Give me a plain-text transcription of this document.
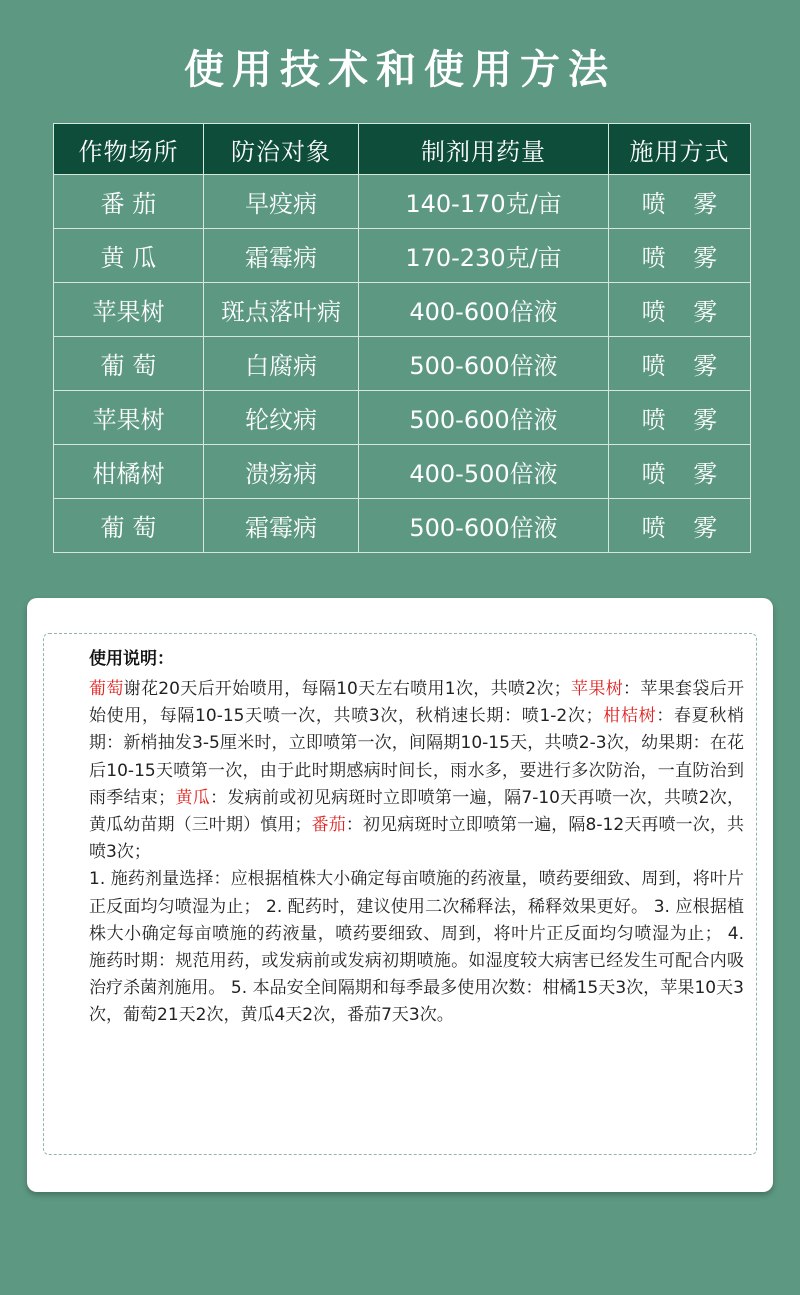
使用技术和使用方法
作物场所	防治对象	制剂用药量	施用方式
番 茄	早疫病	140-170克/亩	喷 雾
黄 瓜	霜霉病	170-230克/亩	喷 雾
苹果树	斑点落叶病	400-600倍液	喷 雾
葡 萄	白腐病	500-600倍液	喷 雾
苹果树	轮纹病	500-600倍液	喷 雾
柑橘树	溃疡病	400-500倍液	喷 雾
葡 萄	霜霉病	500-600倍液	喷 雾
使用说明：
葡萄谢花20天后开始喷用，每隔10天左右喷用1次，共喷2次；苹果树：苹果套袋后开始使用，每隔10-15天喷一次，共喷3次，秋梢速长期：喷1-2次；柑桔树：春夏秋梢期：新梢抽发3-5厘米时，立即喷第一次，间隔期10-15天，共喷2-3次，幼果期：在花后10-15天喷第一次，由于此时期感病时间长，雨水多，要进行多次防治，一直防治到雨季结束；黄瓜：发病前或初见病斑时立即喷第一遍，隔7-10天再喷一次，共喷2次，黄瓜幼苗期（三叶期）慎用；番茄：初见病斑时立即喷第一遍，隔8-12天再喷一次，共喷3次；
1. 施药剂量选择：应根据植株大小确定每亩喷施的药液量，喷药要细致、周到，将叶片正反面均匀喷湿为止； 2. 配药时，建议使用二次稀释法，稀释效果更好。 3. 应根据植株大小确定每亩喷施的药液量，喷药要细致、周到，将叶片正反面均匀喷湿为止； 4. 施药时期：规范用药，或发病前或发病初期喷施。如湿度较大病害已经发生可配合内吸治疗杀菌剂施用。 5. 本品安全间隔期和每季最多使用次数：柑橘15天3次，苹果10天3次，葡萄21天2次，黄瓜4天2次，番茄7天3次。
